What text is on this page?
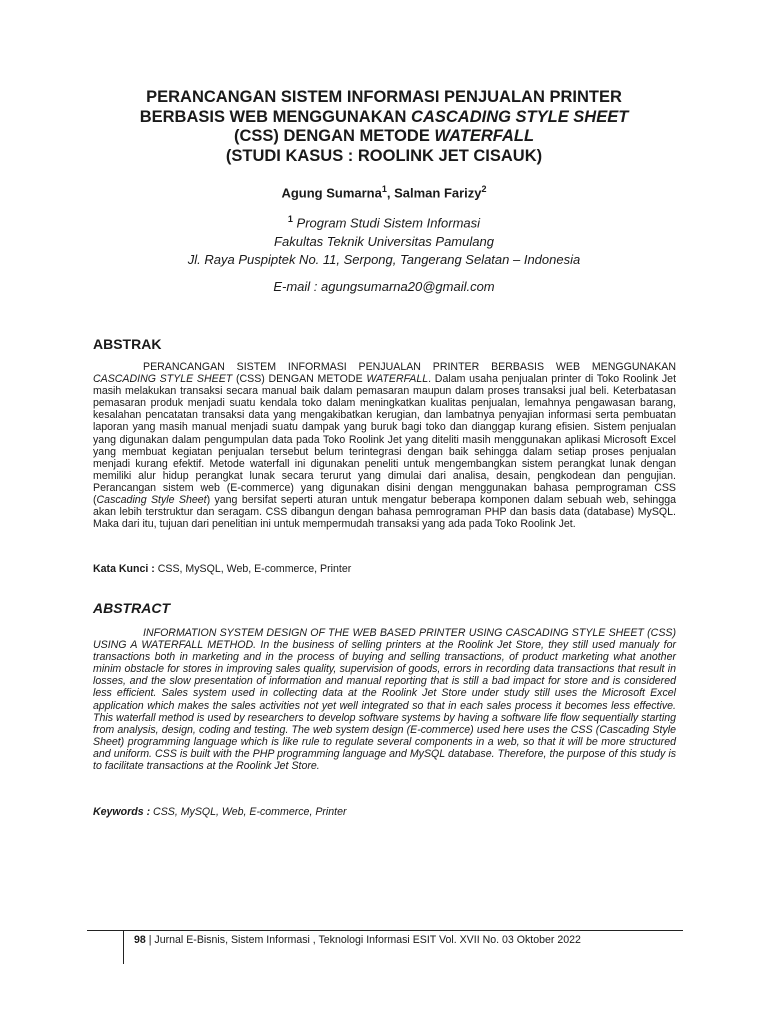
PERANCANGAN SISTEM INFORMASI PENJUALAN PRINTER
BERBASIS WEB MENGGUNAKAN CASCADING STYLE SHEET
(CSS) DENGAN METODE WATERFALL
(STUDI KASUS : ROOLINK JET CISAUK)
Agung Sumarna$^1$, Salman Farizy$^2$
$^1$ Program Studi Sistem Informasi
Fakultas Teknik Universitas Pamulang
Jl. Raya Puspiptek No. 11, Serpong, Tangerang Selatan – Indonesia
E-mail : agungsumarna20@gmail.com
ABSTRAK

PERANCANGAN SISTEM INFORMASI PENJUALAN PRINTER BERBASIS WEB MENGGUNAKAN CASCADING STYLE SHEET (CSS) DENGAN METODE WATERFALL. Dalam usaha penjualan printer di Toko Roolink Jet masih melakukan transaksi secara manual baik dalam pemasaran maupun dalam proses transaksi jual beli. Keterbatasan pemasaran produk menjadi suatu kendala toko dalam meningkatkan kualitas penjualan, lemahnya pengawasan barang, kesalahan pencatatan transaksi data yang mengakibatkan kerugian, dan lambatnya penyajian informasi serta pembuatan laporan yang masih manual menjadi suatu dampak yang buruk bagi toko dan dianggap kurang efisien. Sistem penjualan yang digunakan dalam pengumpulan data pada Toko Roolink Jet yang diteliti masih menggunakan aplikasi Microsoft Excel yang membuat kegiatan penjualan tersebut belum terintegrasi dengan baik sehingga dalam setiap proses penjualan menjadi kurang efektif. Metode waterfall ini digunakan peneliti untuk mengembangkan sistem perangkat lunak dengan memiliki alur hidup perangkat lunak secara terurut yang dimulai dari analisa, desain, pengkodean dan pengujian. Perancangan sistem web (E-commerce) yang digunakan disini dengan menggunakan bahasa pemprograman CSS (Cascading Style Sheet) yang bersifat seperti aturan untuk mengatur beberapa komponen dalam sebuah web, sehingga akan lebih terstruktur dan seragam. CSS dibangun dengan bahasa pemrograman PHP dan basis data (database) MySQL. Maka dari itu, tujuan dari penelitian ini untuk mempermudah transaksi yang ada pada Toko Roolink Jet.

Kata Kunci : CSS, MySQL, Web, E-commerce, Printer

ABSTRACT

INFORMATION SYSTEM DESIGN OF THE WEB BASED PRINTER USING CASCADING STYLE SHEET (CSS) USING A WATERFALL METHOD. In the business of selling printers at the Roolink Jet Store, they still used manualy for transactions both in marketing and in the process of buying and selling transactions, of product marketing what another minim obstacle for stores in improving sales quality, supervision of goods, errors in recording data transactions that result in losses, and the slow presentation of information and manual reporting that is still a bad impact for store and is considered less efficient. Sales system used in collecting data at the Roolink Jet Store under study still uses the Microsoft Excel application which makes the sales activities not yet well integrated so that in each sales process it becomes less effective. This waterfall method is used by researchers to develop software systems by having a software life flow sequentially starting from analysis, design, coding and testing. The web system design (E-commerce) used here uses the CSS (Cascading Style Sheet) programming language which is like rule to regulate several components in a web, so that it will be more structured and uniform. CSS is built with the PHP programming language and MySQL database. Therefore, the purpose of this study is to facilitate transactions at the Roolink Jet Store.

Keywords : CSS, MySQL, Web, E-commerce, Printer

98 | Jurnal E-Bisnis, Sistem Informasi , Teknologi Informasi ESIT Vol. XVII No. 03 Oktober 2022
